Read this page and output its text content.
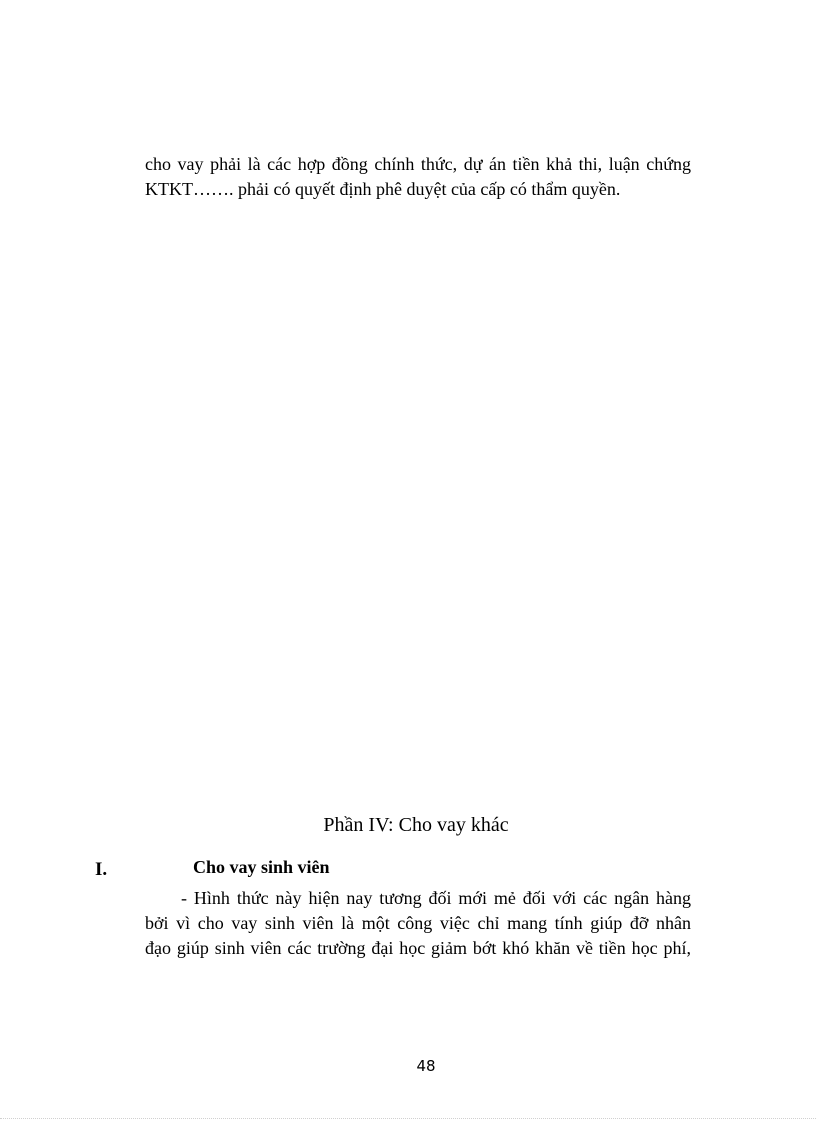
cho vay phải là các hợp đồng chính thức, dự án tiền khả thi, luận chứng
KTKT……. phải có quyết định phê duyệt của cấp có thẩm quyền.
Phần IV: Cho vay khác
I.	Cho vay sinh viên
- Hình thức này hiện nay tương đối mới mẻ đối với các ngân hàng
bởi vì cho vay sinh viên là một công việc chỉ mang tính giúp đỡ nhân
đạo giúp sinh viên các trường đại học giảm bớt khó khăn về tiền học phí,
48
